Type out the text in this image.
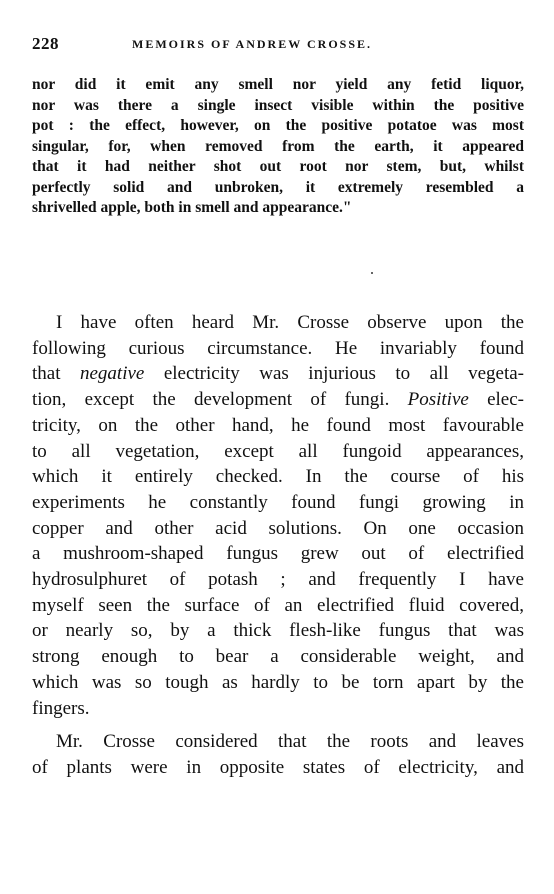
228	MEMOIRS OF ANDREW CROSSE.
nor did it emit any smell nor yield any fetid liquor,
nor was there a single insect visible within the positive
pot : the effect, however, on the positive potatoe was most
singular, for, when removed from the earth, it appeared
that it had neither shot out root nor stem, but, whilst
perfectly solid and unbroken, it extremely resembled a
shrivelled apple, both in smell and appearance."
I have often heard Mr. Crosse observe upon the
following curious circumstance. He invariably found
that negative electricity was injurious to all vegeta-
tion, except the development of fungi. Positive elec-
tricity, on the other hand, he found most favourable
to all vegetation, except all fungoid appearances,
which it entirely checked. In the course of his
experiments he constantly found fungi growing in
copper and other acid solutions. On one occasion
a mushroom-shaped fungus grew out of electrified
hydrosulphuret of potash ; and frequently I have
myself seen the surface of an electrified fluid covered,
or nearly so, by a thick flesh-like fungus that was
strong enough to bear a considerable weight, and
which was so tough as hardly to be torn apart by the
fingers.
Mr. Crosse considered that the roots and leaves
of plants were in opposite states of electricity, and
